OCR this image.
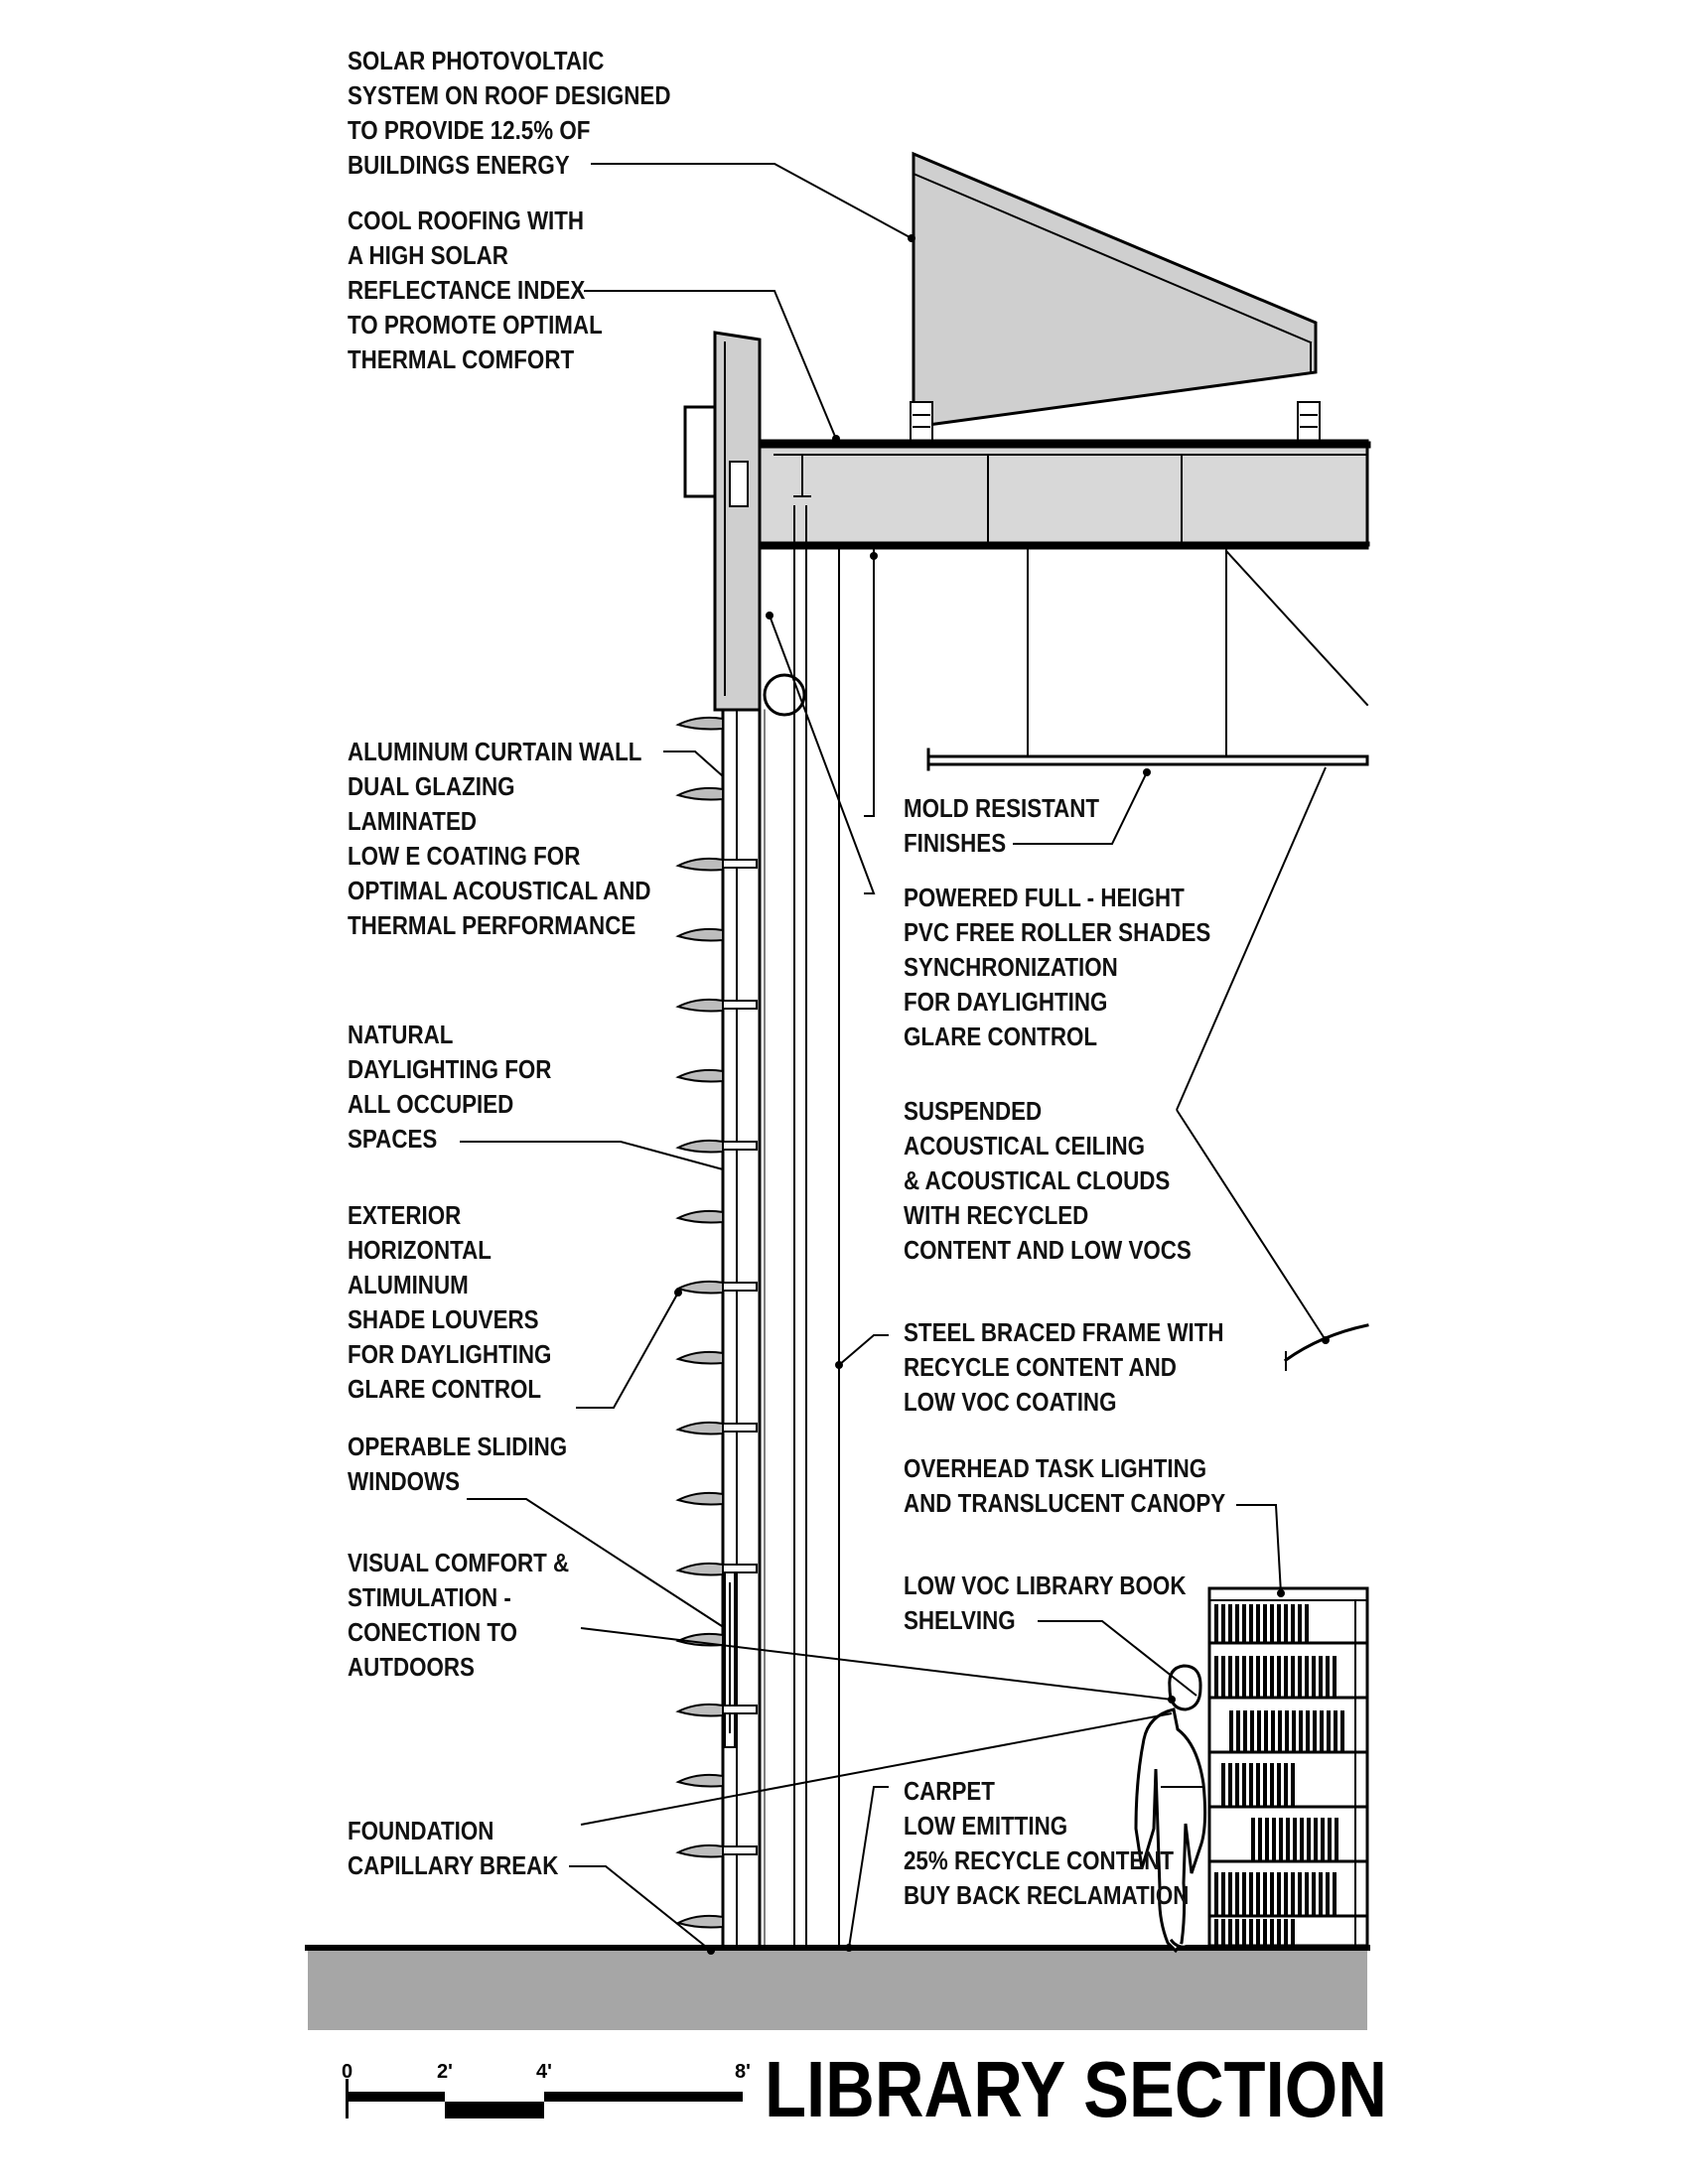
SOLAR PHOTOVOLTAIC
SYSTEM ON ROOF DESIGNED
TO PROVIDE 12.5% OF
BUILDINGS ENERGY
COOL ROOFING WITH
A HIGH SOLAR
REFLECTANCE INDEX
TO PROMOTE OPTIMAL
THERMAL COMFORT
ALUMINUM CURTAIN WALL
DUAL GLAZING
LAMINATED
LOW E COATING FOR
OPTIMAL ACOUSTICAL AND
THERMAL PERFORMANCE
NATURAL
DAYLIGHTING FOR
ALL OCCUPIED
SPACES
EXTERIOR
HORIZONTAL
ALUMINUM
SHADE LOUVERS
FOR DAYLIGHTING
GLARE CONTROL
OPERABLE SLIDING
WINDOWS
VISUAL COMFORT &
STIMULATION -
CONECTION TO
AUTDOORS
FOUNDATION
CAPILLARY BREAK
MOLD RESISTANT
FINISHES
POWERED FULL - HEIGHT
PVC FREE ROLLER SHADES
SYNCHRONIZATION
FOR DAYLIGHTING
GLARE CONTROL
SUSPENDED
ACOUSTICAL CEILING
& ACOUSTICAL CLOUDS
WITH RECYCLED
CONTENT AND LOW VOCS
STEEL BRACED FRAME WITH
RECYCLE CONTENT AND
LOW VOC COATING
OVERHEAD TASK LIGHTING
AND TRANSLUCENT CANOPY
LOW VOC LIBRARY BOOK
SHELVING
CARPET
LOW EMITTING
25% RECYCLE CONTENT
BUY BACK RECLAMATION
0	2'	4'	8' LIBRARY SECTION
